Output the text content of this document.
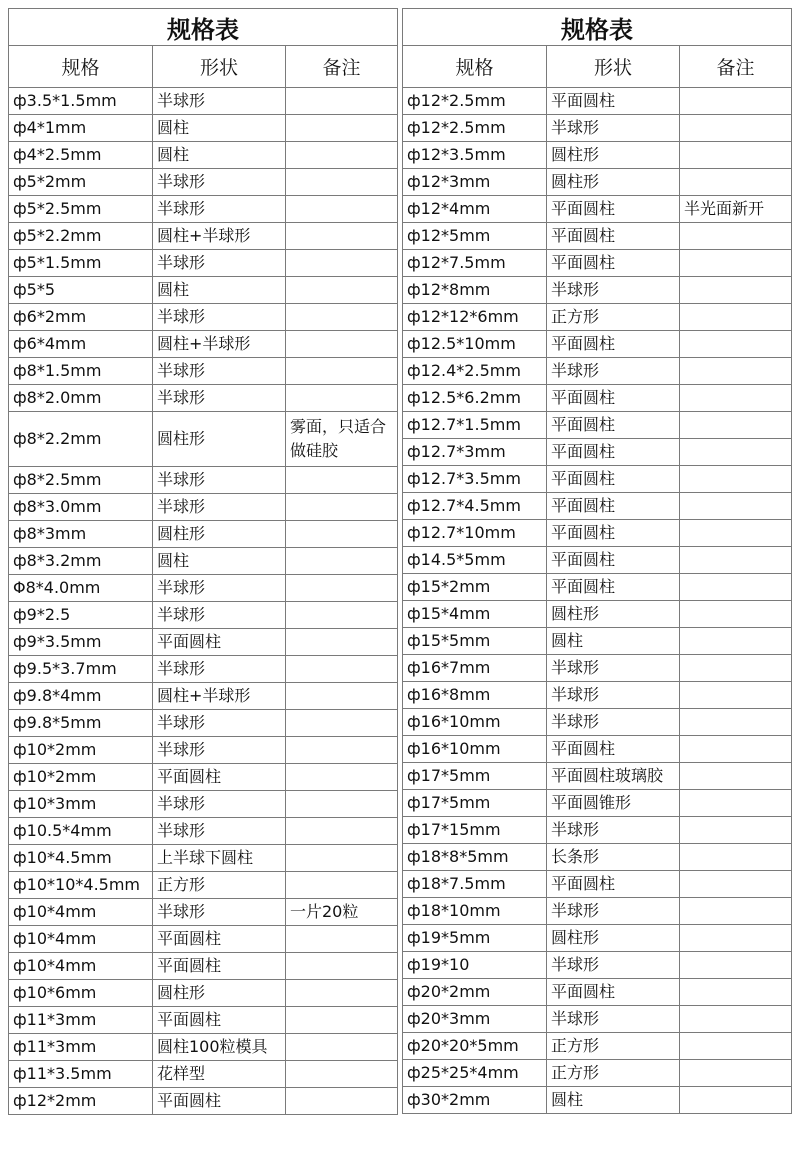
规格表		
规格	形状	备注
ф3.5*1.5mm	半球形	
ф4*1mm	圆柱	
ф4*2.5mm	圆柱	
ф5*2mm	半球形	
ф5*2.5mm	半球形	
ф5*2.2mm	圆柱+半球形	
ф5*1.5mm	半球形	
ф5*5	圆柱	
ф6*2mm	半球形	
ф6*4mm	圆柱+半球形	
ф8*1.5mm	半球形	
ф8*2.0mm	半球形	
ф8*2.2mm	圆柱形	雾面，只适合做硅胶
ф8*2.5mm	半球形	
ф8*3.0mm	半球形	
ф8*3mm	圆柱形	
ф8*3.2mm	圆柱	
Φ8*4.0mm	半球形	
ф9*2.5	半球形	
ф9*3.5mm	平面圆柱	
ф9.5*3.7mm	半球形	
ф9.8*4mm	圆柱+半球形	
ф9.8*5mm	半球形	
ф10*2mm	半球形	
ф10*2mm	平面圆柱	
ф10*3mm	半球形	
ф10.5*4mm	半球形	
ф10*4.5mm	上半球下圆柱	
ф10*10*4.5mm	正方形	
ф10*4mm	半球形	一片20粒
ф10*4mm	平面圆柱	
ф10*4mm	平面圆柱	
ф10*6mm	圆柱形	
ф11*3mm	平面圆柱	
ф11*3mm	圆柱100粒模具	
ф11*3.5mm	花样型	
ф12*2mm	平面圆柱	
规格表		
规格	形状	备注
ф12*2.5mm	平面圆柱	
ф12*2.5mm	半球形	
ф12*3.5mm	圆柱形	
ф12*3mm	圆柱形	
ф12*4mm	平面圆柱	半光面新开
ф12*5mm	平面圆柱	
ф12*7.5mm	平面圆柱	
ф12*8mm	半球形	
ф12*12*6mm	正方形	
ф12.5*10mm	平面圆柱	
ф12.4*2.5mm	半球形	
ф12.5*6.2mm	平面圆柱	
ф12.7*1.5mm	平面圆柱	
ф12.7*3mm	平面圆柱	
ф12.7*3.5mm	平面圆柱	
ф12.7*4.5mm	平面圆柱	
ф12.7*10mm	平面圆柱	
ф14.5*5mm	平面圆柱	
ф15*2mm	平面圆柱	
ф15*4mm	圆柱形	
ф15*5mm	圆柱	
ф16*7mm	半球形	
ф16*8mm	半球形	
ф16*10mm	半球形	
ф16*10mm	平面圆柱	
ф17*5mm	平面圆柱玻璃胶	
ф17*5mm	平面圆锥形	
ф17*15mm	半球形	
ф18*8*5mm	长条形	
ф18*7.5mm	平面圆柱	
ф18*10mm	半球形	
ф19*5mm	圆柱形	
ф19*10	半球形	
ф20*2mm	平面圆柱	
ф20*3mm	半球形	
ф20*20*5mm	正方形	
ф25*25*4mm	正方形	
ф30*2mm	圆柱	
